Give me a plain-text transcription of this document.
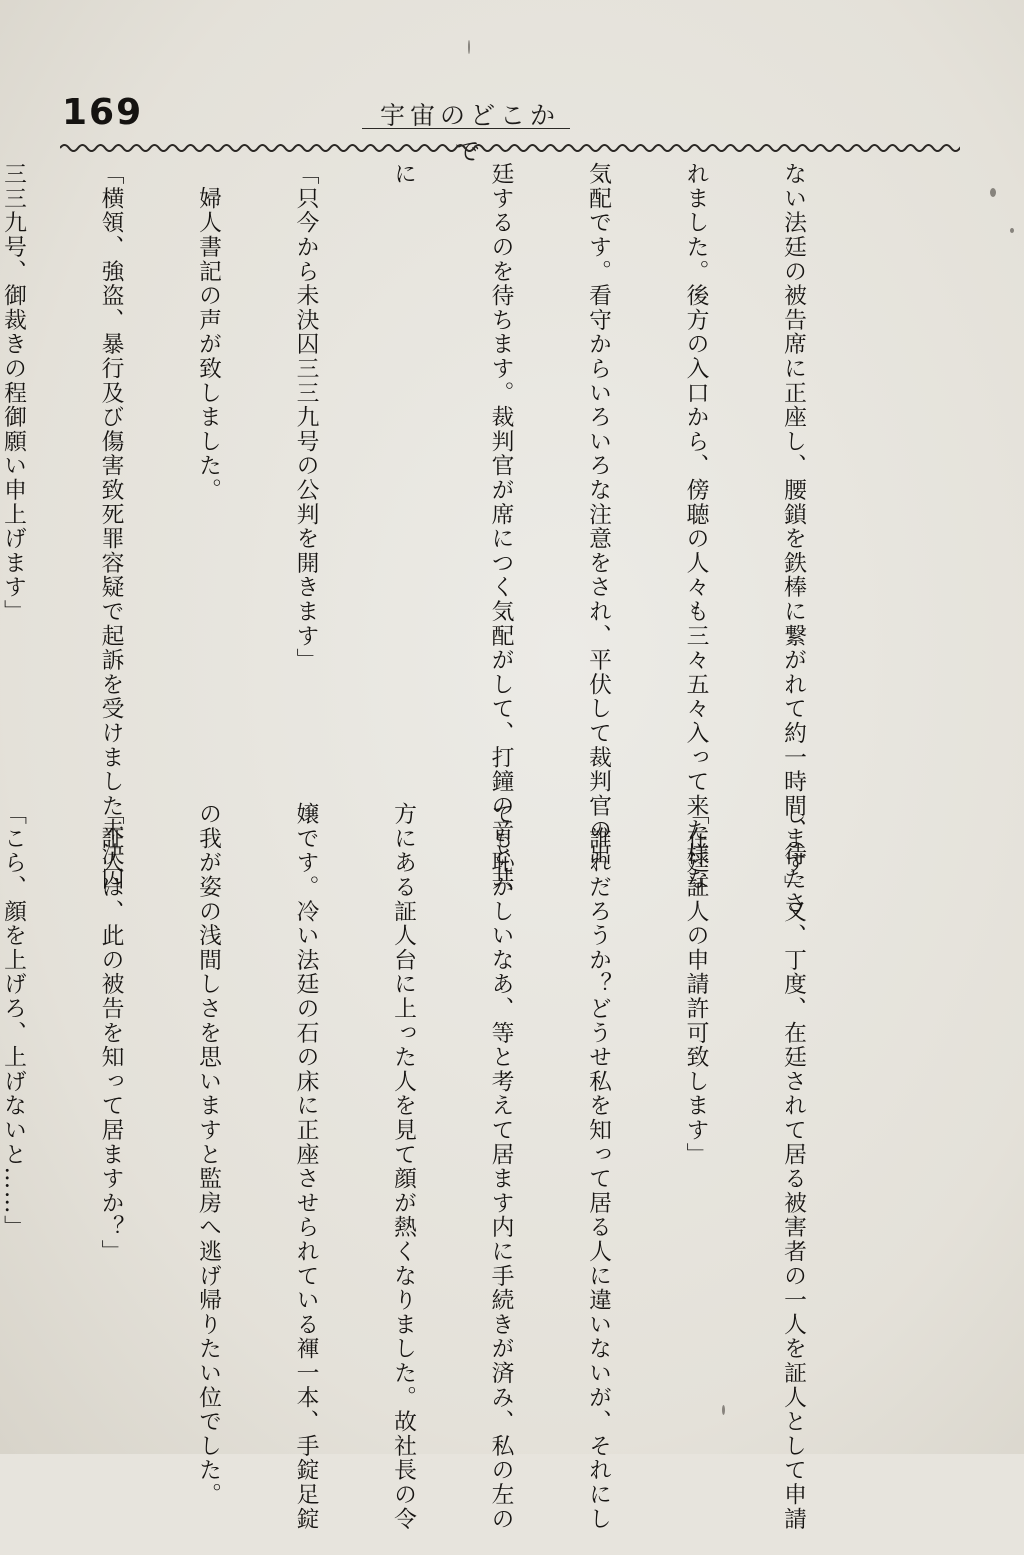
169	宇宙のどこかで

ない法廷の被告席に正座し、腰鎖を鉄棒に繋がれて約一時間、待たさ

れました。後方の入口から、傍聴の人々も三々五々入って来た様な

気配です。看守からいろいろな注意をされ、平伏して裁判官の出

廷するのを待ちます。裁判官が席につく気配がして、打鐘の音と共

に

「只今から未決囚三三九号の公判を開きます」

　婦人書記の声が致しました。

「横領、強盗、暴行及び傷害致死罪容疑で起訴を受けました未決囚

三三九号、御裁きの程御願い申上げます」

します」又、丁度、在廷されて居る被害者の一人を証人として申請

「在廷証人の申請許可致します」

　誰れだろうか？どうせ私を知って居る人に違いないが、それにし

ても恥かしいなあ、等と考えて居ます内に手続きが済み、私の左の

方にある証人台に上った人を見て顔が熱くなりました。故社長の令

嬢です。冷い法廷の石の床に正座させられている褌一本、手錠足錠

の我が姿の浅間しさを思いますと監房へ逃げ帰りたい位でした。

「証人は、此の被告を知って居ますか？」

「こら、顔を上げろ、上げないと……」
